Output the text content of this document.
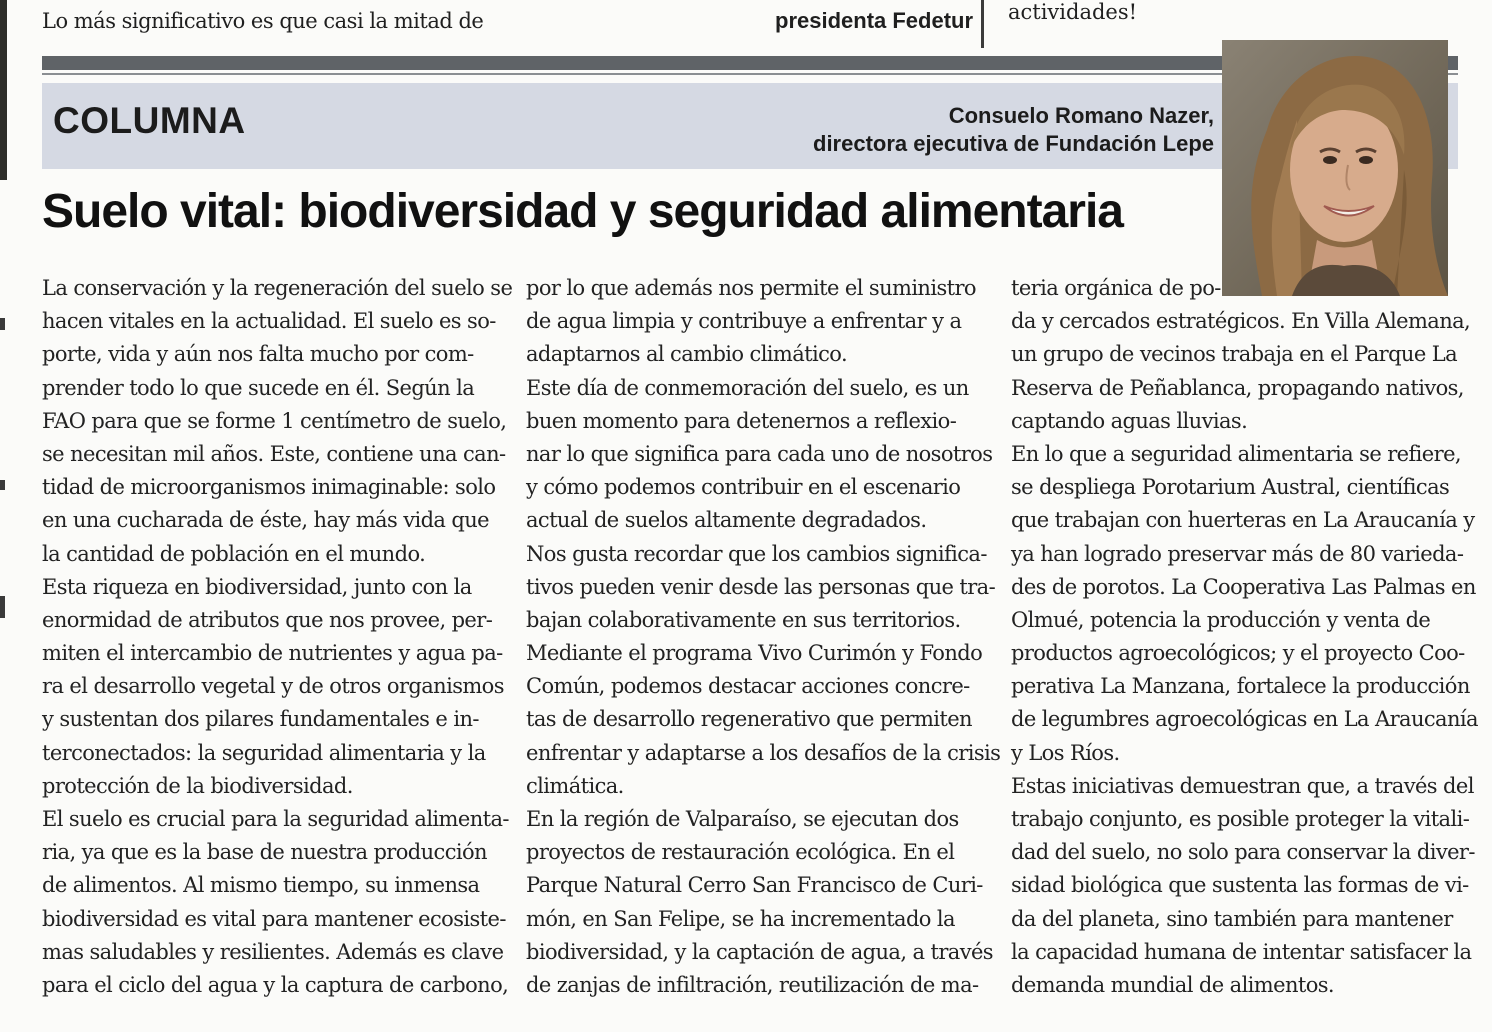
Lo más significativo es que casi la mitad de	presidenta Fedetur actividades!
COLUMNA	Consuelo Romano Nazer,
directora ejecutiva de Fundación Lepe
Suelo vital: biodiversidad y seguridad alimentaria
La conservación y la regeneración del suelo se
hacen vitales en la actualidad. El suelo es so-
porte, vida y aún nos falta mucho por com-
prender todo lo que sucede en él. Según la
FAO para que se forme 1 centímetro de suelo,
se necesitan mil años. Este, contiene una can-
tidad de microorganismos inimaginable: solo
en una cucharada de éste, hay más vida que
la cantidad de población en el mundo.
Esta riqueza en biodiversidad, junto con la
enormidad de atributos que nos provee, per-
miten el intercambio de nutrientes y agua pa-
ra el desarrollo vegetal y de otros organismos
y sustentan dos pilares fundamentales e in-
terconectados: la seguridad alimentaria y la
protección de la biodiversidad.
El suelo es crucial para la seguridad alimenta-
ria, ya que es la base de nuestra producción
de alimentos. Al mismo tiempo, su inmensa
biodiversidad es vital para mantener ecosiste-
mas saludables y resilientes. Además es clave
para el ciclo del agua y la captura de carbono,
por lo que además nos permite el suministro
de agua limpia y contribuye a enfrentar y a
adaptarnos al cambio climático.
Este día de conmemoración del suelo, es un
buen momento para detenernos a reflexio-
nar lo que significa para cada uno de nosotros
y cómo podemos contribuir en el escenario
actual de suelos altamente degradados.
Nos gusta recordar que los cambios significa-
tivos pueden venir desde las personas que tra-
bajan colaborativamente en sus territorios.
Mediante el programa Vivo Curimón y Fondo
Común, podemos destacar acciones concre-
tas de desarrollo regenerativo que permiten
enfrentar y adaptarse a los desafíos de la crisis
climática.
En la región de Valparaíso, se ejecutan dos
proyectos de restauración ecológica. En el
Parque Natural Cerro San Francisco de Curi-
món, en San Felipe, se ha incrementado la
biodiversidad, y la captación de agua, a través
de zanjas de infiltración, reutilización de ma-
teria orgánica de po-
da y cercados estratégicos. En Villa Alemana,
un grupo de vecinos trabaja en el Parque La
Reserva de Peñablanca, propagando nativos,
captando aguas lluvias.
En lo que a seguridad alimentaria se refiere,
se despliega Porotarium Austral, científicas
que trabajan con huerteras en La Araucanía y
ya han logrado preservar más de 80 varieda-
des de porotos. La Cooperativa Las Palmas en
Olmué, potencia la producción y venta de
productos agroecológicos; y el proyecto Coo-
perativa La Manzana, fortalece la producción
de legumbres agroecológicas en La Araucanía
y Los Ríos.
Estas iniciativas demuestran que, a través del
trabajo conjunto, es posible proteger la vitali-
dad del suelo, no solo para conservar la diver-
sidad biológica que sustenta las formas de vi-
da del planeta, sino también para mantener
la capacidad humana de intentar satisfacer la
demanda mundial de alimentos.
